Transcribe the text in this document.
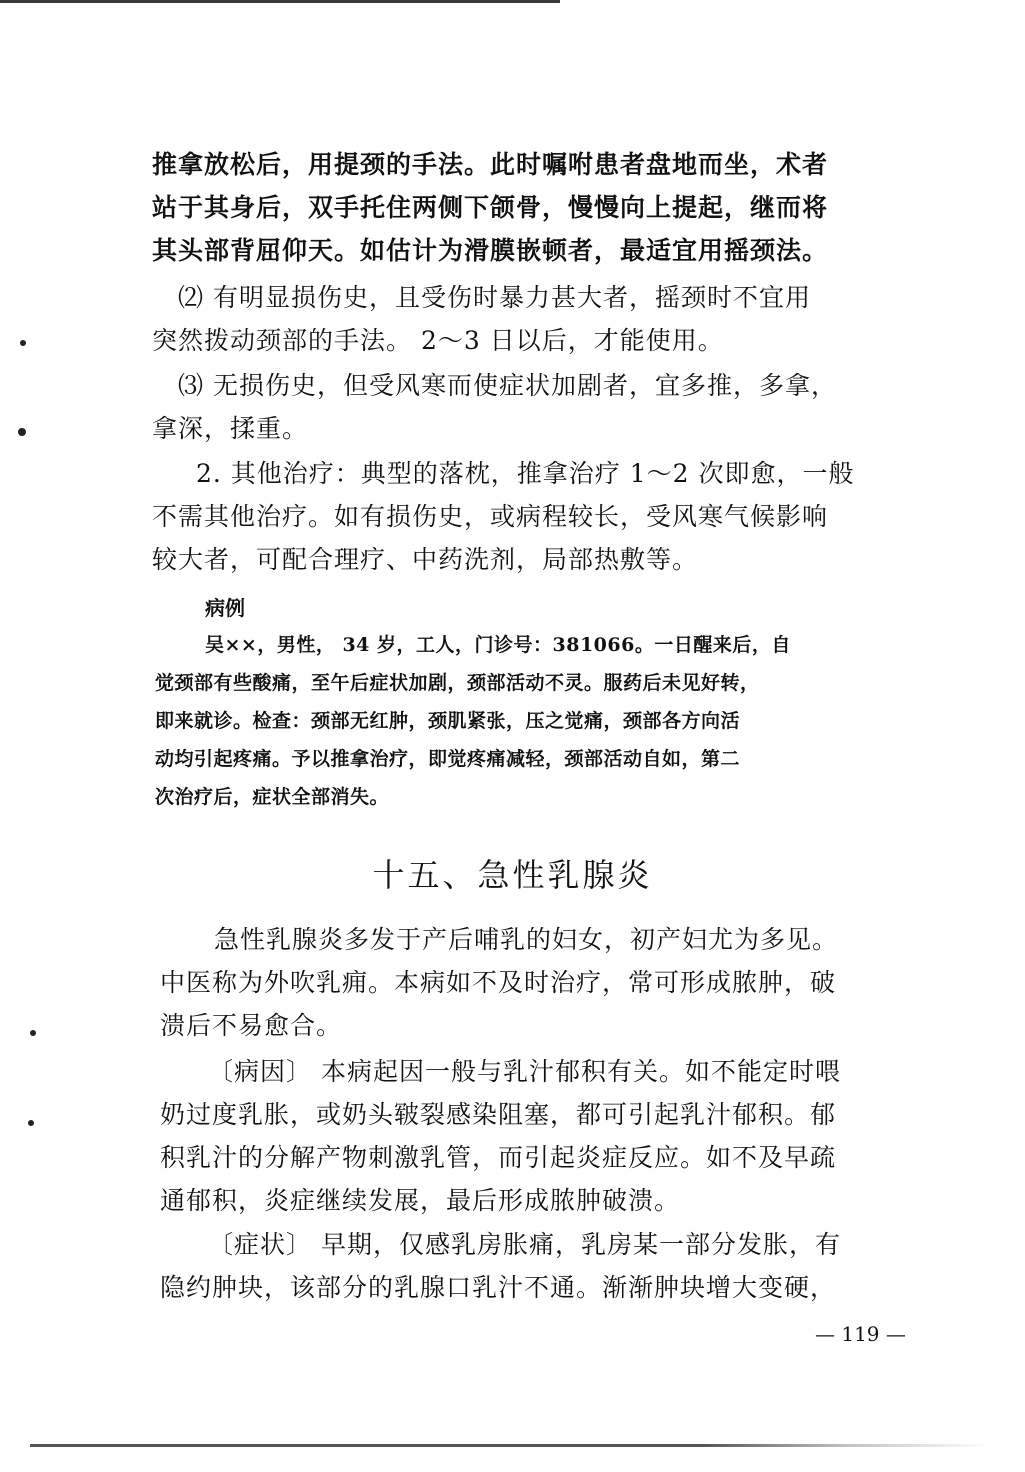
推拿放松后，用提颈的手法。此时嘱咐患者盘地而坐，术者
站于其身后，双手托住两侧下颌骨，慢慢向上提起，继而将
其头部背屈仰天。如估计为滑膜嵌顿者，最适宜用摇颈法。
⑵ 有明显损伤史，且受伤时暴力甚大者，摇颈时不宜用
突然拨动颈部的手法。 2～3 日以后，才能使用。
⑶ 无损伤史，但受风寒而使症状加剧者，宜多推，多拿，
拿深，揉重。
2. 其他治疗：典型的落枕，推拿治疗 1～2 次即愈，一般
不需其他治疗。如有损伤史，或病程较长，受风寒气候影响
较大者，可配合理疗、中药洗剂，局部热敷等。
病例
吴××，男性， 34 岁，工人，门诊号：381066。一日醒来后，自
觉颈部有些酸痛，至午后症状加剧，颈部活动不灵。服药后未见好转，
即来就诊。检查：颈部无红肿，颈肌紧张，压之觉痛，颈部各方向活
动均引起疼痛。予以推拿治疗，即觉疼痛减轻，颈部活动自如，第二
次治疗后，症状全部消失。
十五、急性乳腺炎
急性乳腺炎多发于产后哺乳的妇女，初产妇尤为多见。
中医称为外吹乳痈。本病如不及时治疗，常可形成脓肿，破
溃后不易愈合。
〔病因〕 本病起因一般与乳汁郁积有关。如不能定时喂
奶过度乳胀，或奶头皲裂感染阻塞，都可引起乳汁郁积。郁
积乳汁的分解产物刺激乳管，而引起炎症反应。如不及早疏
通郁积，炎症继续发展，最后形成脓肿破溃。
〔症状〕 早期，仅感乳房胀痛，乳房某一部分发胀，有
隐约肿块，该部分的乳腺口乳汁不通。渐渐肿块增大变硬，
— 119 —
